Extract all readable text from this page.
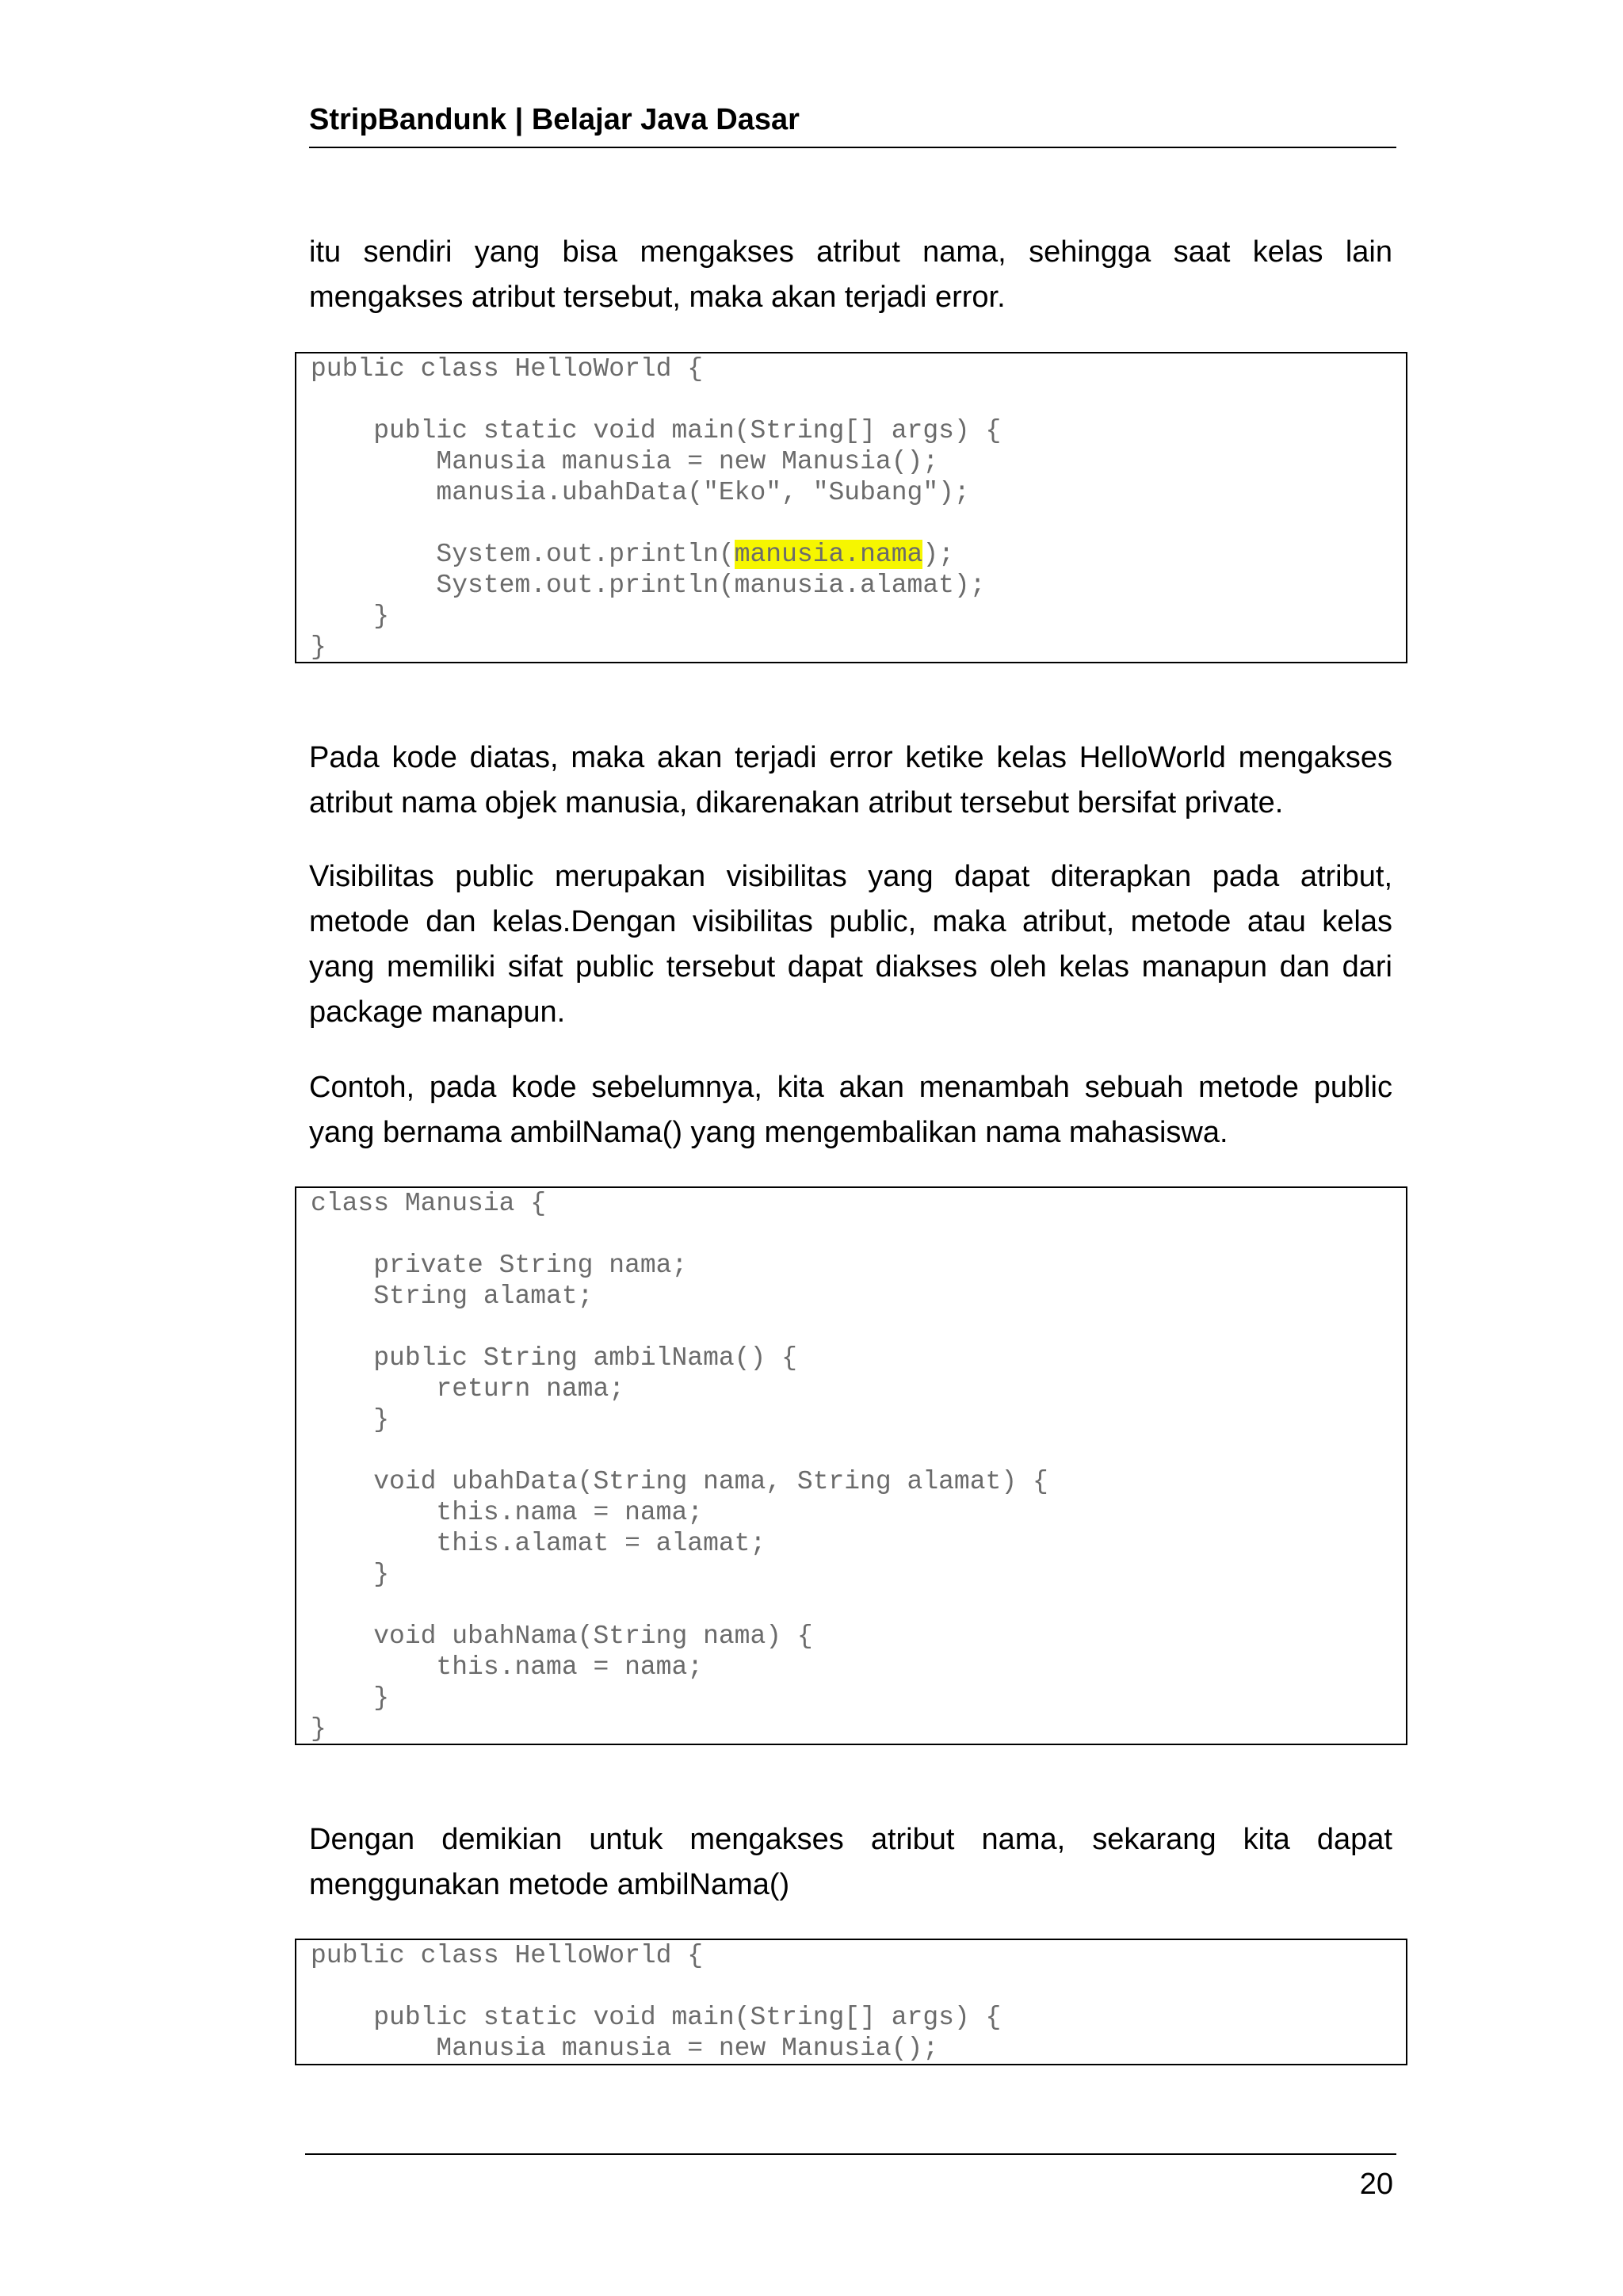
StripBandunk | Belajar Java Dasar

itu sendiri yang bisa mengakses atribut nama, sehingga saat kelas lain mengakses atribut tersebut, maka akan terjadi error.

public class HelloWorld {

public static void main(String[] args) {
Manusia manusia = new Manusia();
manusia.ubahData("Eko", "Subang");

System.out.println(manusia.nama);
System.out.println(manusia.alamat);
}
}

Pada kode diatas, maka akan terjadi error ketike kelas HelloWorld mengakses atribut nama objek manusia, dikarenakan atribut tersebut bersifat private.

Visibilitas public merupakan visibilitas yang dapat diterapkan pada atribut, metode dan kelas.Dengan visibilitas public, maka atribut, metode atau kelas yang memiliki sifat public tersebut dapat diakses oleh kelas manapun dan dari package manapun.

Contoh, pada kode sebelumnya, kita akan menambah sebuah metode public yang bernama ambilNama() yang mengembalikan nama mahasiswa.

class Manusia {

private String nama;
String alamat;

public String ambilNama() {
return nama;
}

void ubahData(String nama, String alamat) {
this.nama = nama;
this.alamat = alamat;
}

void ubahNama(String nama) {
this.nama = nama;
}
}

Dengan demikian untuk mengakses atribut nama, sekarang kita dapat menggunakan metode ambilNama()

public class HelloWorld {

public static void main(String[] args) {
Manusia manusia = new Manusia();
20
